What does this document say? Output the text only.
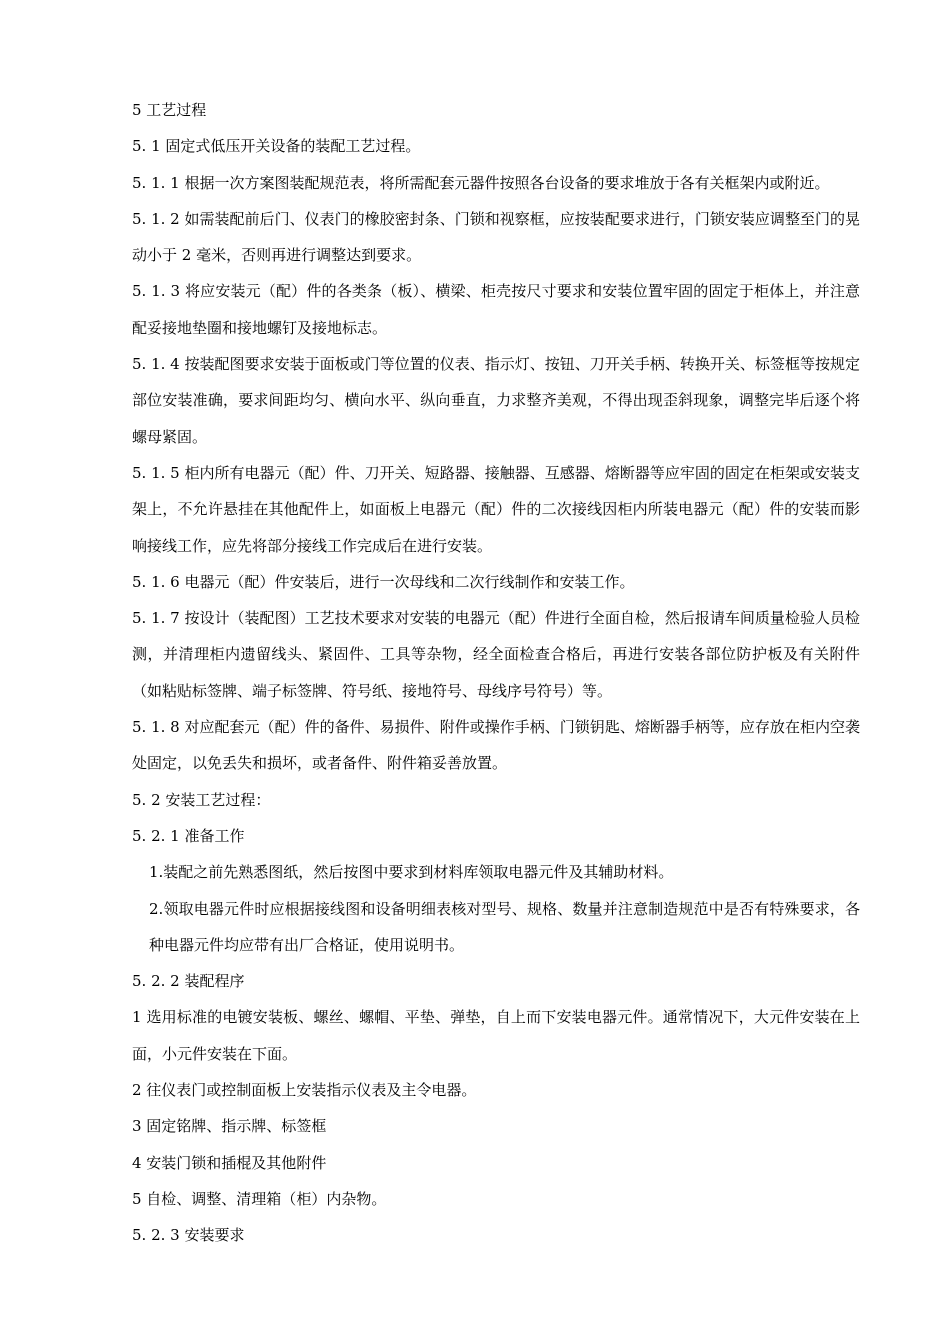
5 工艺过程

5. 1 固定式低压开关设备的装配工艺过程。

5. 1. 1 根据一次方案图装配规范表，将所需配套元器件按照各台设备的要求堆放于各有关框架内或附近。

5. 1. 2 如需装配前后门、仪表门的橡胶密封条、门锁和视察框，应按装配要求进行，门锁安装应调整至门的晃动小于 2 毫米，否则再进行调整达到要求。

5. 1. 3 将应安装元（配）件的各类条（板）、横梁、柜壳按尺寸要求和安装位置牢固的固定于柜体上，并注意配妥接地垫圈和接地螺钉及接地标志。

5. 1. 4 按装配图要求安装于面板或门等位置的仪表、指示灯、按钮、刀开关手柄、转换开关、标签框等按规定部位安装准确，要求间距均匀、横向水平、纵向垂直，力求整齐美观，不得出现歪斜现象，调整完毕后逐个将螺母紧固。

5. 1. 5 柜内所有电器元（配）件、刀开关、短路器、接触器、互感器、熔断器等应牢固的固定在柜架或安装支架上，不允许悬挂在其他配件上，如面板上电器元（配）件的二次接线因柜内所装电器元（配）件的安装而影响接线工作，应先将部分接线工作完成后在进行安装。

5. 1. 6 电器元（配）件安装后，进行一次母线和二次行线制作和安装工作。

5. 1. 7 按设计（装配图）工艺技术要求对安装的电器元（配）件进行全面自检，然后报请车间质量检验人员检测，并清理柜内遗留线头、紧固件、工具等杂物，经全面检查合格后，再进行安装各部位防护板及有关附件（如粘贴标签牌、端子标签牌、符号纸、接地符号、母线序号符号）等。

5. 1. 8 对应配套元（配）件的备件、易损件、附件或操作手柄、门锁钥匙、熔断器手柄等，应存放在柜内空袭处固定，以免丢失和损坏，或者备件、附件箱妥善放置。

5. 2 安装工艺过程：

5. 2. 1 准备工作

1.装配之前先熟悉图纸，然后按图中要求到材料库领取电器元件及其辅助材料。

2.领取电器元件时应根据接线图和设备明细表核对型号、规格、数量并注意制造规范中是否有特殊要求，各种电器元件均应带有出厂合格证，使用说明书。

5. 2. 2 装配程序

1 选用标准的电镀安装板、螺丝、螺帽、平垫、弹垫，自上而下安装电器元件。通常情况下，大元件安装在上面，小元件安装在下面。

2 往仪表门或控制面板上安装指示仪表及主令电器。

3 固定铭牌、指示牌、标签框

4 安装门锁和插棍及其他附件

5 自检、调整、清理箱（柜）内杂物。

5. 2. 3 安装要求
